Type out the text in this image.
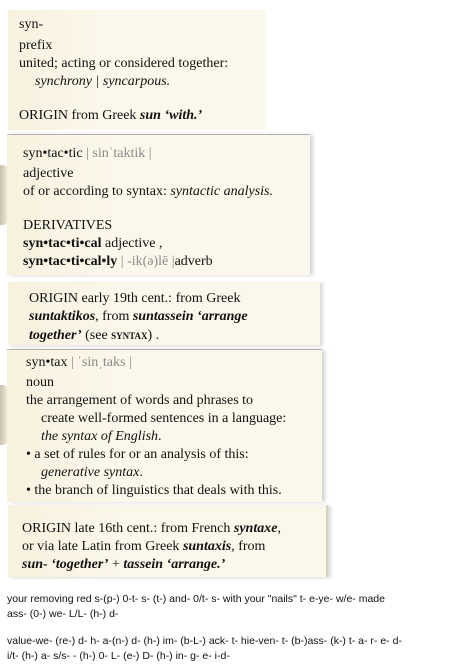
syn-
prefix
united; acting or considered together:
synchrony | syncarpous.
ORIGIN from Greek sun ‘with.’
syn•tac•tic | sinˈtaktik |
adjective
of or according to syntax: syntactic analysis.
DERIVATIVES
syn•tac•ti•cal adjective ,
syn•tac•ti•cal•ly | -ik(ə)lē |adverb
ORIGIN early 19th cent.: from Greek
suntaktikos, from suntassein ‘arrange
together’ (see syntax) .
syn•tax | ˈsinˌtaks |
noun
the arrangement of words and phrases to
create well-formed sentences in a language:
the syntax of English.
• a set of rules for or an analysis of this:
generative syntax.
• the branch of linguistics that deals with this.
ORIGIN late 16th cent.: from French syntaxe,
or via late Latin from Greek suntaxis, from
sun- ‘together’ + tassein ‘arrange.’
your removing red s-(p-) 0-t- s- (t-) and- 0/t- s- with your "nails" t- e-ye- w/e- made
ass- (0-) we- L/L- (h-) d-
value-we- (re-) d- h- a-(n-) d- (h-) im- (b-L-) ack- t- hie-ven- t- (b-)ass- (k-) t- a- r- e- d-
i/t- (h-) a- s/s- - (h-) 0- L- (e-) D- (h-) in- g- e- i-d-
